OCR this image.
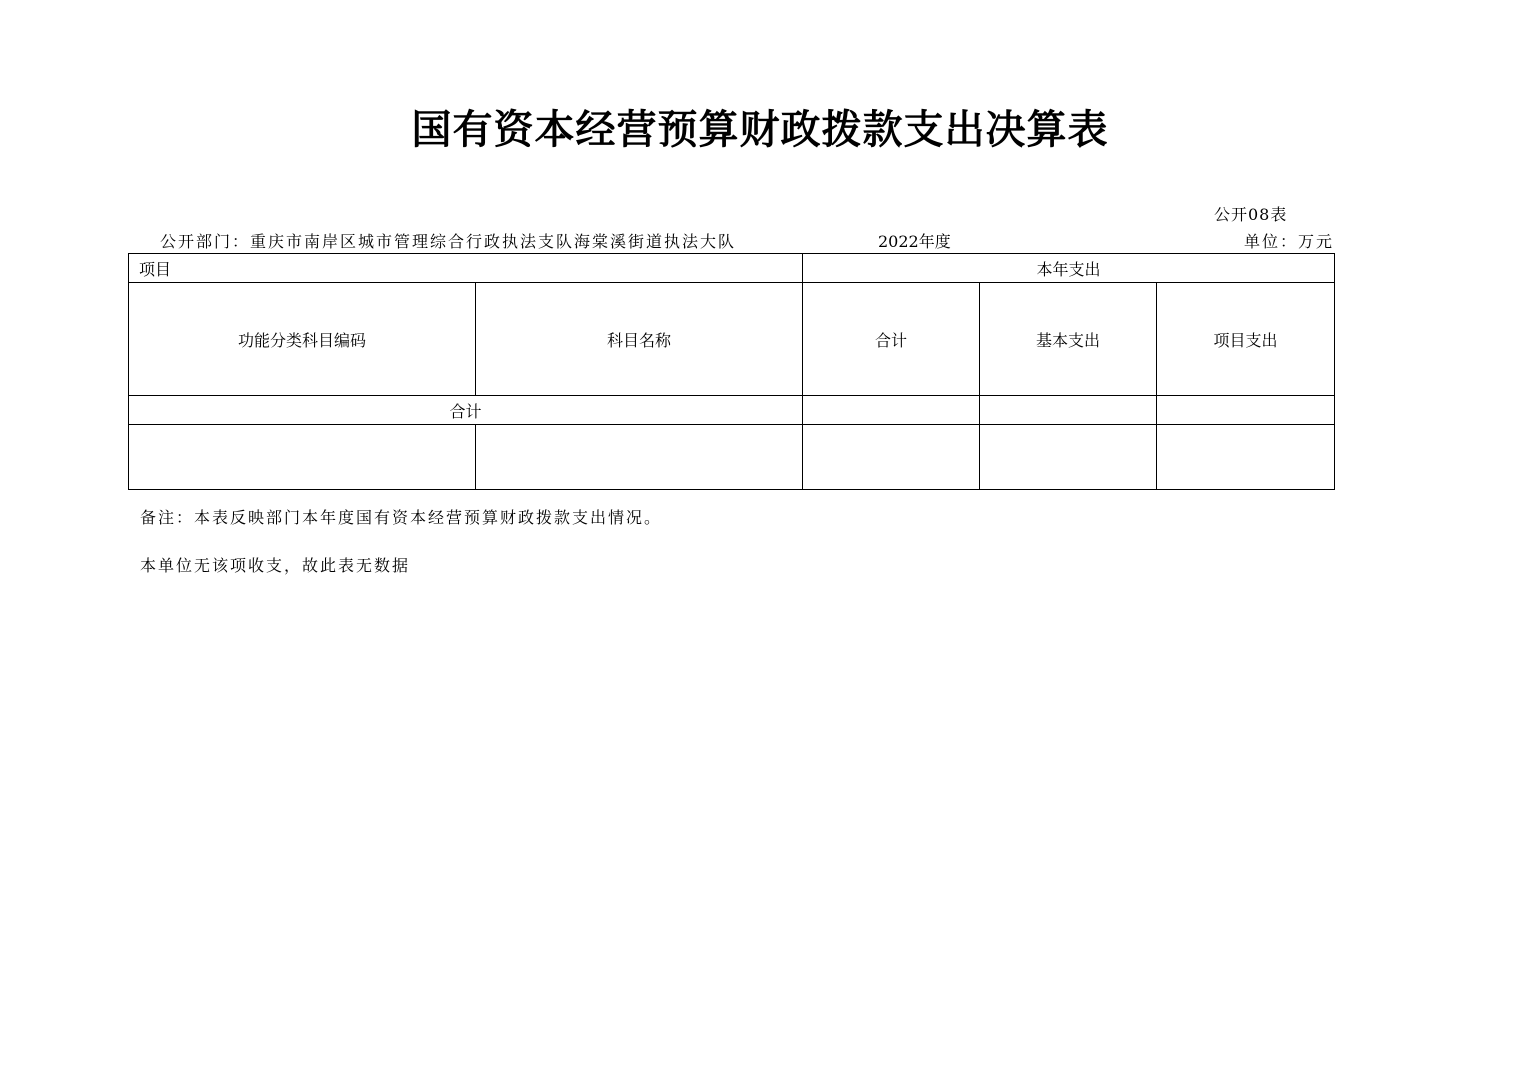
国有资本经营预算财政拨款支出决算表
公开08表
公开部门：重庆市南岸区城市管理综合行政执法支队海棠溪街道执法大队	2022年度	单位：万元
项目		本年支出		
功能分类科目编码	科目名称	合计	基本支出	项目支出
合计				

备注：本表反映部门本年度国有资本经营预算财政拨款支出情况。
本单位无该项收支，故此表无数据
